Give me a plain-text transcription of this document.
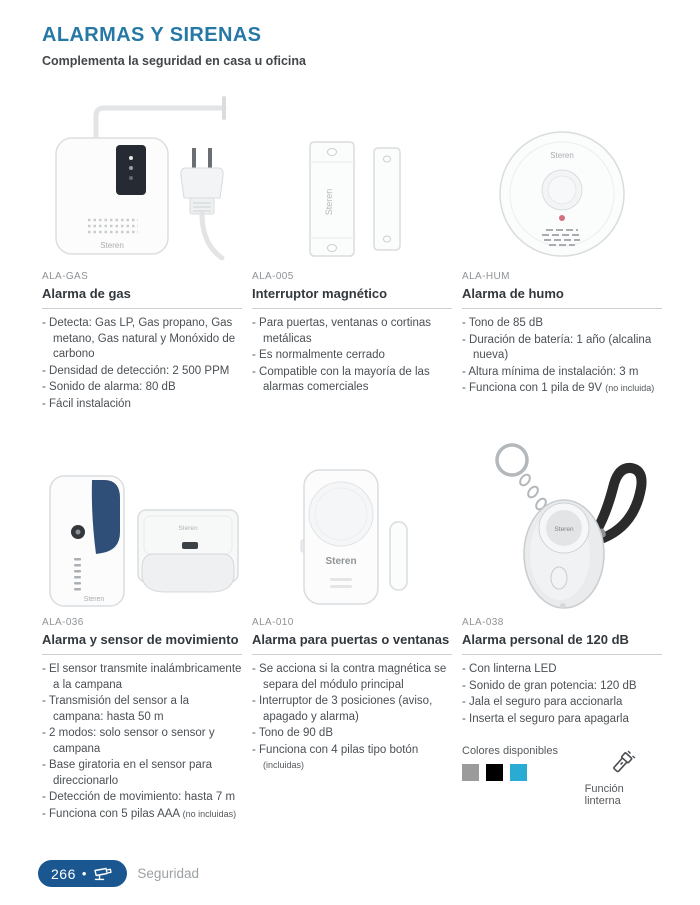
ALARMAS Y SIRENAS
Complementa la seguridad en casa u oficina
Steren
ALA-GAS
Alarma de gas
- Detecta: Gas LP, Gas propano, Gas metano, Gas natural y Monóxido de carbono
- Densidad de detección: 2 500 PPM
- Sonido de alarma: 80 dB
- Fácil instalación
Steren
ALA-005
Interruptor magnético
- Para puertas, ventanas o cortinas metálicas
- Es normalmente cerrado
- Compatible con la mayoría de las alarmas comerciales
Steren
ALA-HUM
Alarma de humo
- Tono de 85 dB
- Duración de batería: 1 año (alcalina nueva)
- Altura mínima de instalación: 3 m
- Funciona con 1 pila de 9V (no incluida)
Steren
Steren
ALA-036
Alarma y sensor de movimiento
- El sensor transmite inalámbricamente a la campana
- Transmisión del sensor a la campana: hasta 50 m
- 2 modos: solo sensor o sensor y campana
- Base giratoria en el sensor para direccionarlo
- Detección de movimiento: hasta 7 m
- Funciona con 5 pilas AAA (no incluidas)
Steren
ALA-010
Alarma para puertas o ventanas
- Se acciona si la contra magnética se separa del módulo principal
- Interruptor de 3 posiciones (aviso, apagado y alarma)
- Tono de 90 dB
- Funciona con 4 pilas tipo botón (incluidas)
Steren
ALA-038
Alarma personal de 120 dB
- Con linterna LED
- Sonido de gran potencia: 120 dB
- Jala el seguro para accionarla
- Inserta el seguro para apagarla
Colores disponibles
Función linterna
266 •	Seguridad
